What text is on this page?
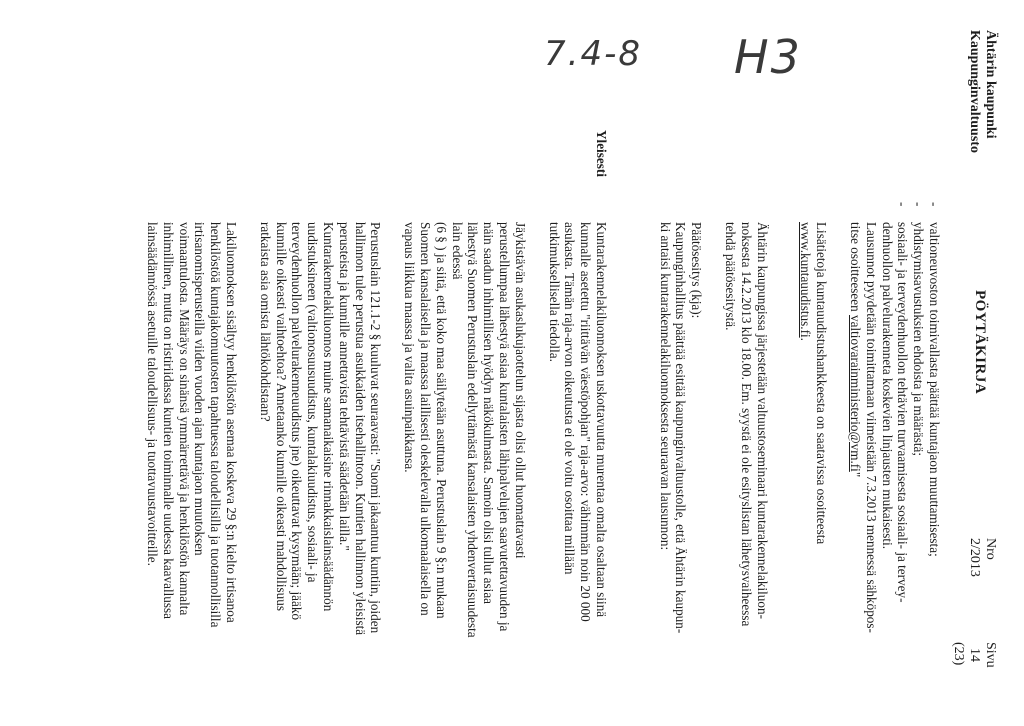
Ähtärin kaupunki
Kaupunginvaltuusto
PÖYTÄKIRJA
Nro
2/2013
Sivu
14
(23)
-
valtioneuvoston toimivallasta päättää kuntajaon muuttamisesta;
-
yhdistymisavustuksien ehdoista ja määrästä;
-
sosiaali- ja terveydenhuollon tehtävien turvaamisesta sosiaali- ja tervey-
denhuollon palvelurakenneta koskevien linjausten mukaisesti.
Lausunnot pyydetään toimittamaan viimeistään 7.3.2013 mennessä sähköpos-
titse osoitteeseen valtiovarainministerio@vm.fi"
Lisätietoja kuntauudistushankkeesta on saatavissa osoitteesta
www.kuntauudistus.fi.
Ähtärin kaupungissa järjestetään valtuustoseminaari kuntarakennelakiluon-
noksesta 14.2.2013 klo 18.00. Em. syystä ei ole esityslistan lähetysvaiheessa
tehdä päätösesitystä.
Päätösesitys (kja):
Kaupunginhallitus päättää esittää kaupunginvaltuustolle, että Ähtärin kaupun-
ki antaisi kuntarakennelakiluonnoksesta seuraavan lausunnon:
Yleisesti
Kuntarakennelakiluonnoksen uskottavuutta murentaa omalta osaltaan siinä
kunnalle asetettu "riittävän väestöpohjan" raja-arvo: vähimmän noin 20 000
asukasta. Tämän raja-arvon oikeutusta ei ole voitu osoittaa millään
tutkimuksellisella tiedolla.
Jäykistävän asukaslukujaottelun sijasta olisi ollut huomattavasti
perustellumpaa lähestyä asiaa kuntalaisten lähipalvelujen saavutettavuuden ja
näin saadun inhimillisen hyödyn näkökulmasta. Samoin olisi tullut asiaa
lähestyä Suomen Perustuslain edellyttämästä kansalaisten yhdenvertaisuudesta
lain edessä
(6 § ) ja siitä, että koko maa säilyteään asuttuna. Perustuslain 9 §:n mukaan
Suomen kansalaisella ja maassa laillisesti oleskelevalla ulkomaalaisella on
vapaus liikkua maassa ja valita asuinpaikkansa.
Perustuslain 121.1-2 § kuuluvat seuraavasti: "Suomi jakaantuu kuntiin, joiden
hallinnon tulee perustua asukkaiden itsehallintoon. Kuntien hallinnon yleisistä
perusteista ja kunnille annettavista tehtävistä säädetään lailla."
Kuntarakennelakiluonnos muine samanaikaisine rinnakkaislainsäädännön
uudistuksineen (valtionosuusuudistus, kuntalakiuudistus, sosiaali- ja
terveydenhuollon palvelurakenneuudistus jne) oikeuttavat kysymään; jääkö
kunnille oikeasti vaihtoehtoa? Annetaanko kunnille oikeasti mahdollisuus
ratkaista asia omista lähtökohdistaan?
Lakiluonnoksen sisältyy henkilöstön asemaa koskeva 29 §:n kielto irtisanoa
henkilöstöä kuntajakomuutosten tapahtuessa taloudellisilla ja tuotannollisilla
irtisanomisperusteilla viiden vuoden ajan kuntajaon muutoksen
voimaantulosta. Määräys on sinänsä ymmärrettävä ja henkilöstön kannalta
inhimillinen, mutta on ristiriidassa kuntien toiminnalle uudessa kaavallussa
lainsäädännössä asetuille taloudellisuus- ja tuottavuustavoitteille.
H3
7.4-8
